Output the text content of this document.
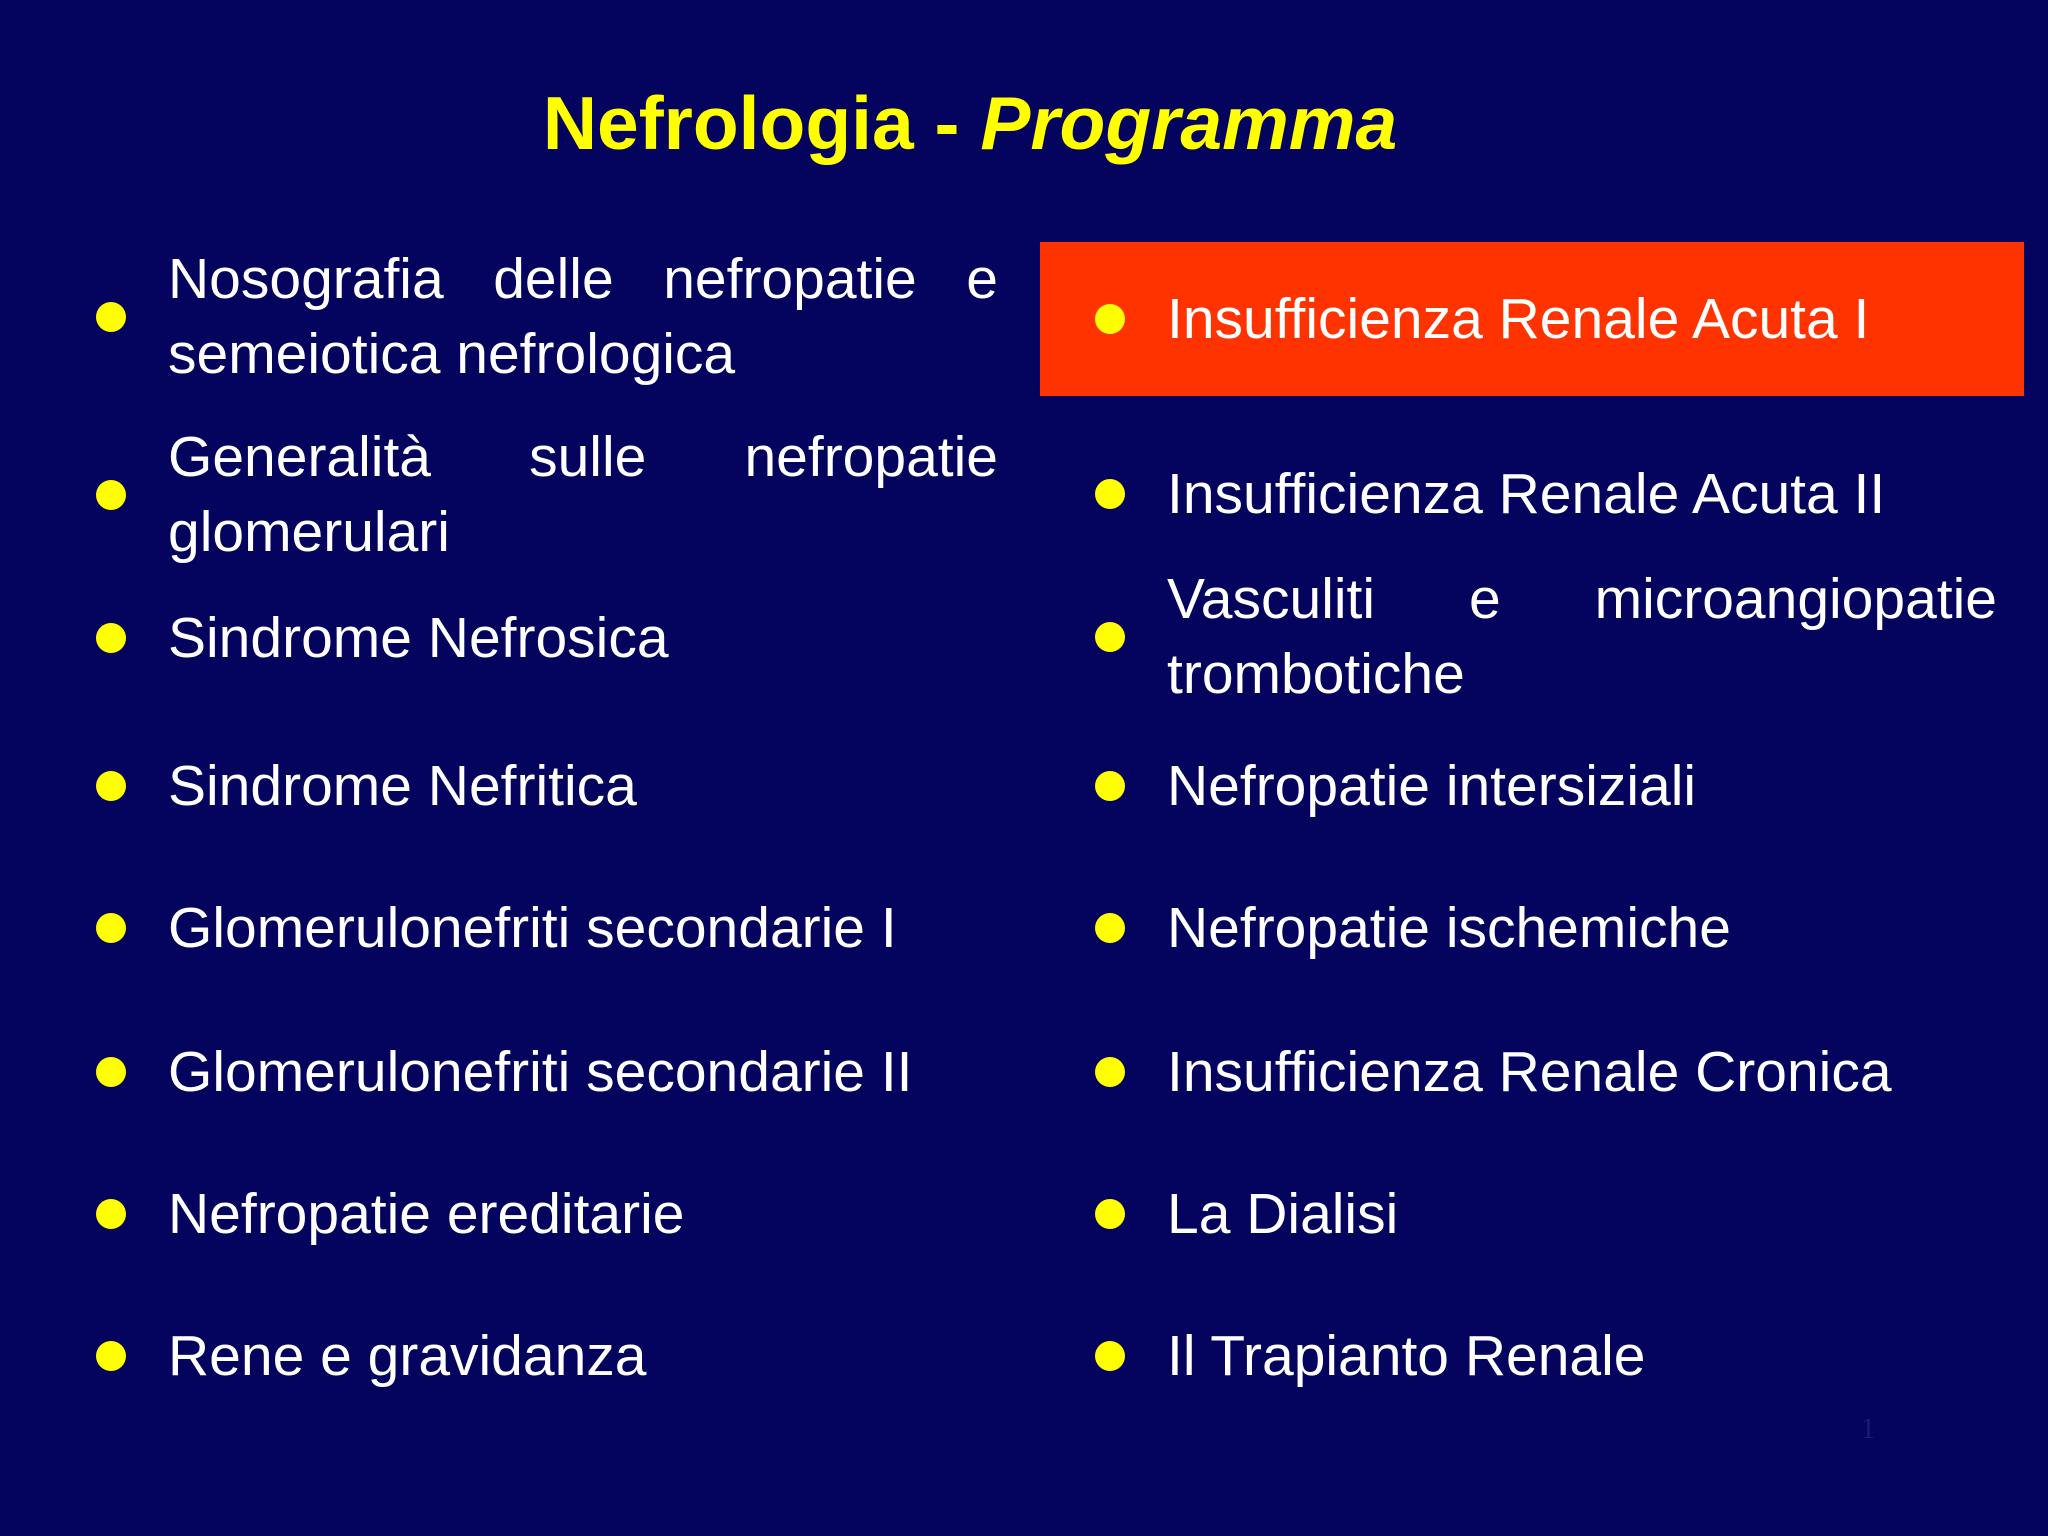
Nefrologia - Programma
Nosografia delle nefropatie e semeiotica nefrologica
Generalità sulle nefropatie glomerulari
Sindrome Nefrosica
Sindrome Nefritica
Glomerulonefriti secondarie I
Glomerulonefriti secondarie II
Nefropatie ereditarie
Rene e gravidanza
Insufficienza Renale Acuta I
Insufficienza Renale Acuta II
Vasculiti e microangiopatie trombotiche
Nefropatie intersiziali
Nefropatie ischemiche
Insufficienza Renale Cronica
La Dialisi
Il Trapianto Renale
1
